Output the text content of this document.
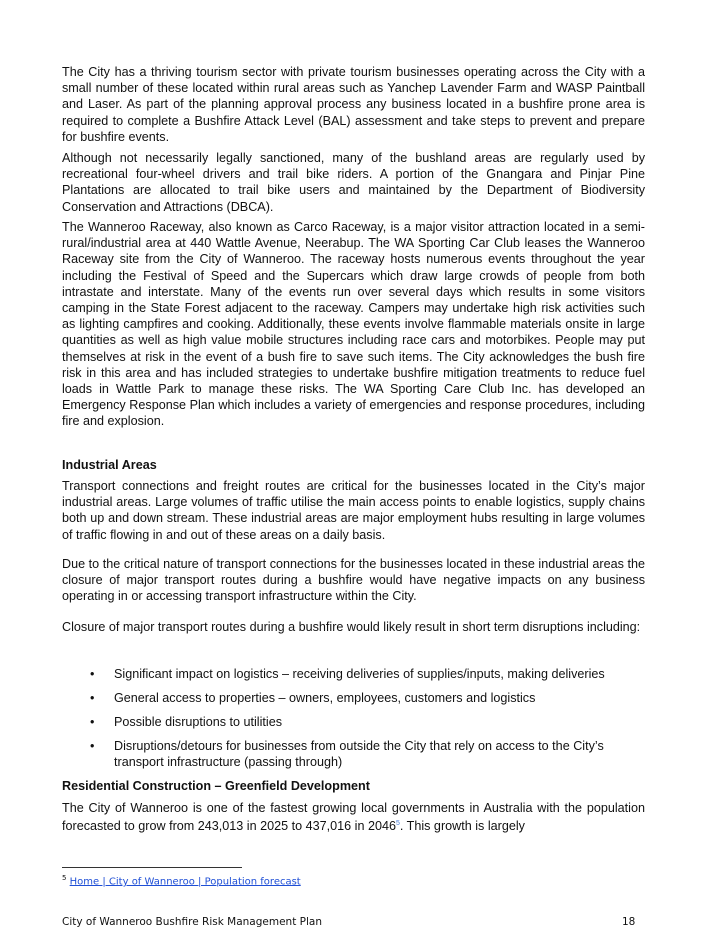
The City has a thriving tourism sector with private tourism businesses operating across the City with a small number of these located within rural areas such as Yanchep Lavender Farm and WASP Paintball and Laser. As part of the planning approval process any business located in a bushfire prone area is required to complete a Bushfire Attack Level (BAL) assessment and take steps to prevent and prepare for bushfire events.

Although not necessarily legally sanctioned, many of the bushland areas are regularly used by recreational four-wheel drivers and trail bike riders. A portion of the Gnangara and Pinjar Pine Plantations are allocated to trail bike users and maintained by the Department of Biodiversity Conservation and Attractions (DBCA).

The Wanneroo Raceway, also known as Carco Raceway, is a major visitor attraction located in a semi-rural/industrial area at 440 Wattle Avenue, Neerabup. The WA Sporting Car Club leases the Wanneroo Raceway site from the City of Wanneroo. The raceway hosts numerous events throughout the year including the Festival of Speed and the Supercars which draw large crowds of people from both intrastate and interstate. Many of the events run over several days which results in some visitors camping in the State Forest adjacent to the raceway. Campers may undertake high risk activities such as lighting campfires and cooking. Additionally, these events involve flammable materials onsite in large quantities as well as high value mobile structures including race cars and motorbikes. People may put themselves at risk in the event of a bush fire to save such items. The City acknowledges the bush fire risk in this area and has included strategies to undertake bushfire mitigation treatments to reduce fuel loads in Wattle Park to manage these risks. The WA Sporting Care Club Inc. has developed an Emergency Response Plan which includes a variety of emergencies and response procedures, including fire and explosion.

Industrial Areas

Transport connections and freight routes are critical for the businesses located in the City’s major industrial areas. Large volumes of traffic utilise the main access points to enable logistics, supply chains both up and down stream. These industrial areas are major employment hubs resulting in large volumes of traffic flowing in and out of these areas on a daily basis.

Due to the critical nature of transport connections for the businesses located in these industrial areas the closure of major transport routes during a bushfire would have negative impacts on any business operating in or accessing transport infrastructure within the City.

Closure of major transport routes during a bushfire would likely result in short term disruptions including:

•	Significant impact on logistics – receiving deliveries of supplies/inputs, making deliveries
•	General access to properties – owners, employees, customers and logistics
•	Possible disruptions to utilities
•	Disruptions/detours for businesses from outside the City that rely on access to the City’s transport infrastructure (passing through)

Residential Construction – Greenfield Development

The City of Wanneroo is one of the fastest growing local governments in Australia with the population forecasted to grow from 243,013 in 2025 to 437,016 in 2046$^5$. This growth is largely

$^5$ Home | City of Wanneroo | Population forecast
City of Wanneroo Bushfire Risk Management Plan	18
